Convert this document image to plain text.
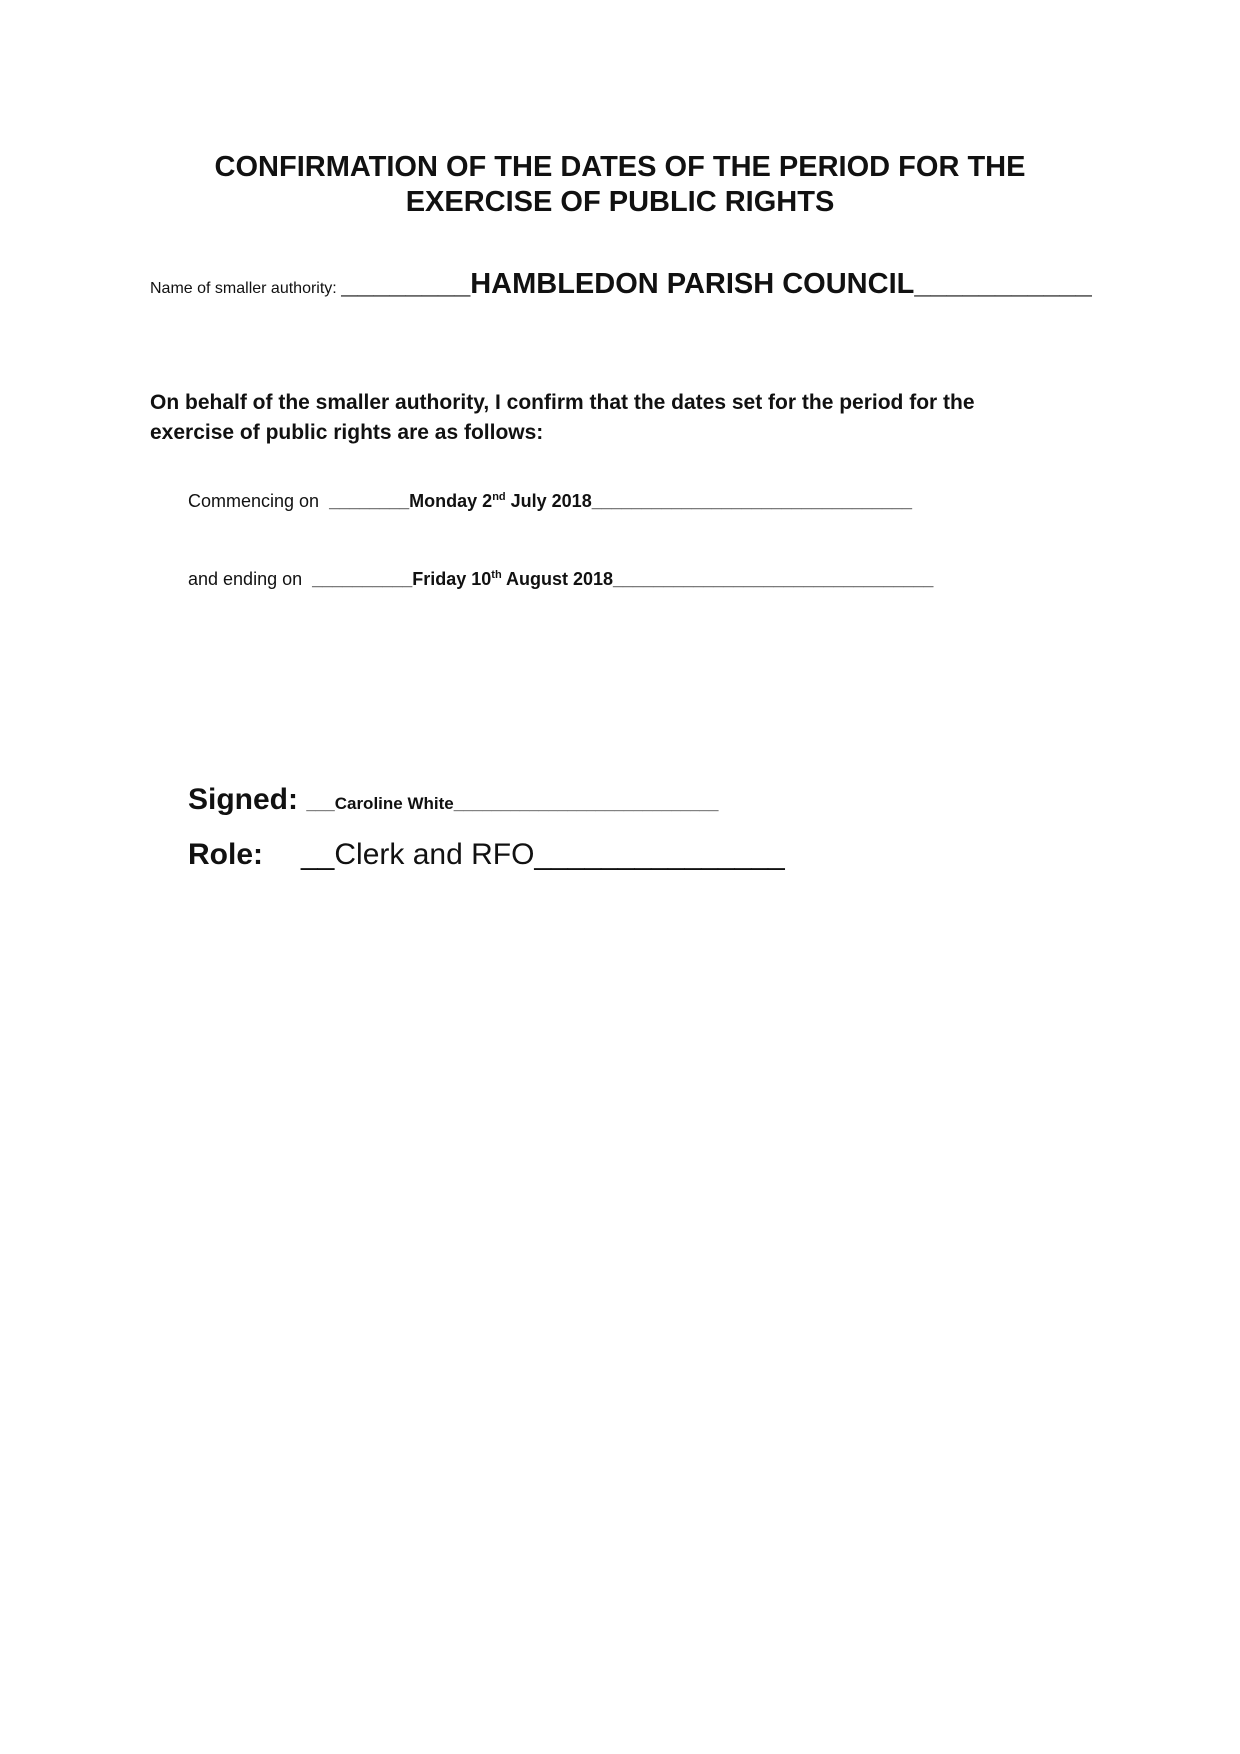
CONFIRMATION OF THE DATES OF THE PERIOD FOR THE
EXERCISE OF PUBLIC RIGHTS
Name of smaller authority: ________HAMBLEDON PARISH COUNCIL___________
On behalf of the smaller authority, I confirm that the dates set for the period for the
exercise of public rights are as follows:
Commencing on  ________Monday 2nd July 2018________________________________
and ending on  __________Friday 10th August 2018________________________________
Signed: ___Caroline White____________________________
Role: __Clerk and RFO_______________
